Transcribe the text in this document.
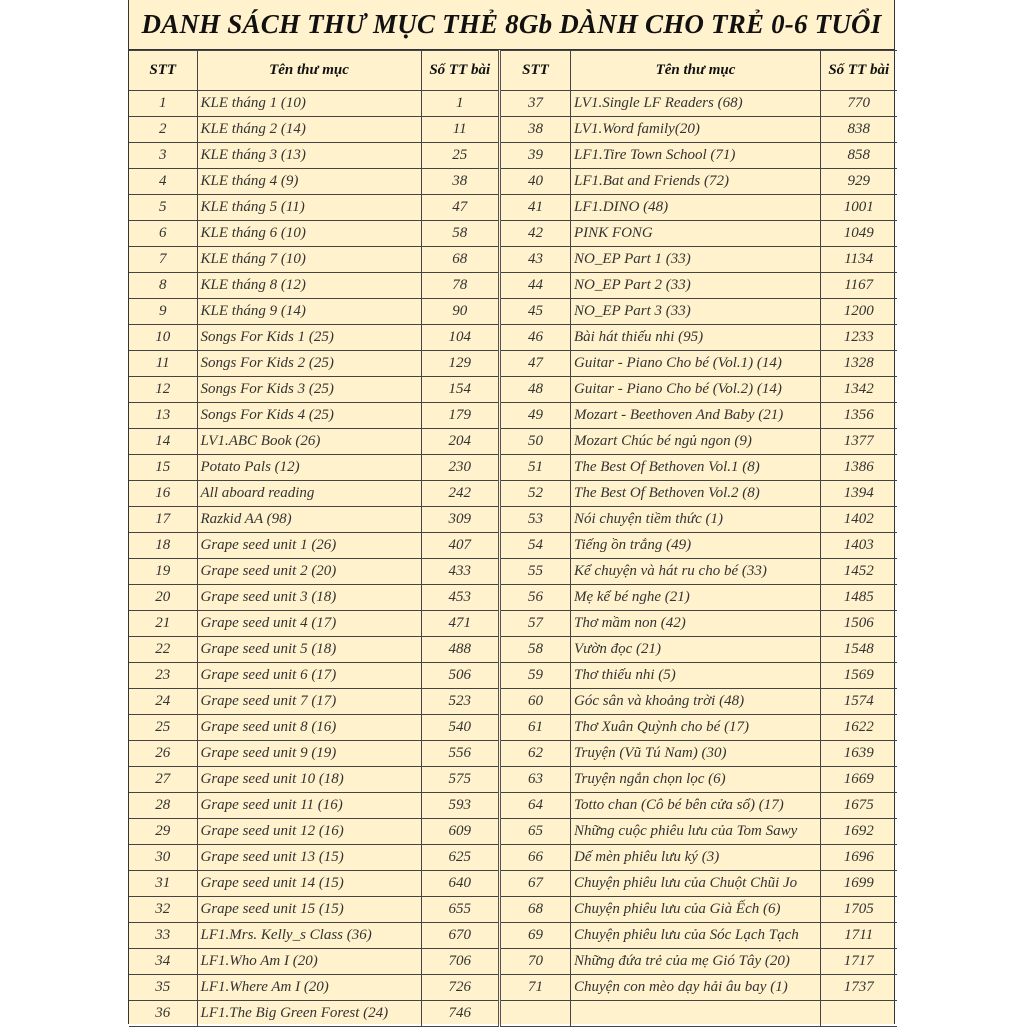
DANH SÁCH THƯ MỤC THẺ 8Gb DÀNH CHO TRẺ 0-6 TUỔI
STT	Tên thư mục	Số TT bài
1	KLE tháng 1 (10)	1
2	KLE tháng 2 (14)	11
3	KLE tháng 3 (13)	25
4	KLE tháng 4 (9)	38
5	KLE tháng 5 (11)	47
6	KLE tháng 6 (10)	58
7	KLE tháng 7 (10)	68
8	KLE tháng 8 (12)	78
9	KLE tháng 9 (14)	90
10	Songs For Kids 1 (25)	104
11	Songs For Kids 2 (25)	129
12	Songs For Kids 3 (25)	154
13	Songs For Kids 4 (25)	179
14	LV1.ABC Book (26)	204
15	Potato Pals (12)	230
16	All aboard reading	242
17	Razkid AA (98)	309
18	Grape seed unit 1 (26)	407
19	Grape seed unit 2 (20)	433
20	Grape seed unit 3 (18)	453
21	Grape seed unit 4 (17)	471
22	Grape seed unit 5 (18)	488
23	Grape seed unit 6 (17)	506
24	Grape seed unit 7 (17)	523
25	Grape seed unit 8 (16)	540
26	Grape seed unit 9 (19)	556
27	Grape seed unit 10 (18)	575
28	Grape seed unit 11 (16)	593
29	Grape seed unit 12 (16)	609
30	Grape seed unit 13 (15)	625
31	Grape seed unit 14 (15)	640
32	Grape seed unit 15 (15)	655
33	LF1.Mrs. Kelly_s Class (36)	670
34	LF1.Who Am I (20)	706
35	LF1.Where Am I (20)	726
36	LF1.The Big Green Forest (24)	746
STT	Tên thư mục	Số TT bài
37	LV1.Single LF Readers (68)	770
38	LV1.Word family(20)	838
39	LF1.Tire Town School (71)	858
40	LF1.Bat and Friends (72)	929
41	LF1.DINO (48)	1001
42	PINK FONG	1049
43	NO_EP Part 1 (33)	1134
44	NO_EP Part 2 (33)	1167
45	NO_EP Part 3 (33)	1200
46	Bài hát thiếu nhi (95)	1233
47	Guitar - Piano Cho bé (Vol.1) (14)	1328
48	Guitar - Piano Cho bé (Vol.2) (14)	1342
49	Mozart - Beethoven And Baby (21)	1356
50	Mozart Chúc bé ngủ ngon (9)	1377
51	The Best Of Bethoven Vol.1 (8)	1386
52	The Best Of Bethoven Vol.2 (8)	1394
53	Nói chuyện tiềm thức (1)	1402
54	Tiếng ồn trắng (49)	1403
55	Kể chuyện và hát ru cho bé (33)	1452
56	Mẹ kể bé nghe (21)	1485
57	Thơ mầm non (42)	1506
58	Vườn đọc (21)	1548
59	Thơ thiếu nhi (5)	1569
60	Góc sân và khoảng trời (48)	1574
61	Thơ Xuân Quỳnh cho bé (17)	1622
62	Truyện (Vũ Tú Nam) (30)	1639
63	Truyện ngắn chọn lọc (6)	1669
64	Totto chan (Cô bé bên cửa sổ) (17)	1675
65	Những cuộc phiêu lưu của Tom Sawy	1692
66	Dế mèn phiêu lưu ký (3)	1696
67	Chuyện phiêu lưu của Chuột Chũi Jo	1699
68	Chuyện phiêu lưu của Già Ếch (6)	1705
69	Chuyện phiêu lưu của Sóc Lạch Tạch	1711
70	Những đứa trẻ của mẹ Gió Tây (20)	1717
71	Chuyện con mèo dạy hải âu bay (1)	1737
